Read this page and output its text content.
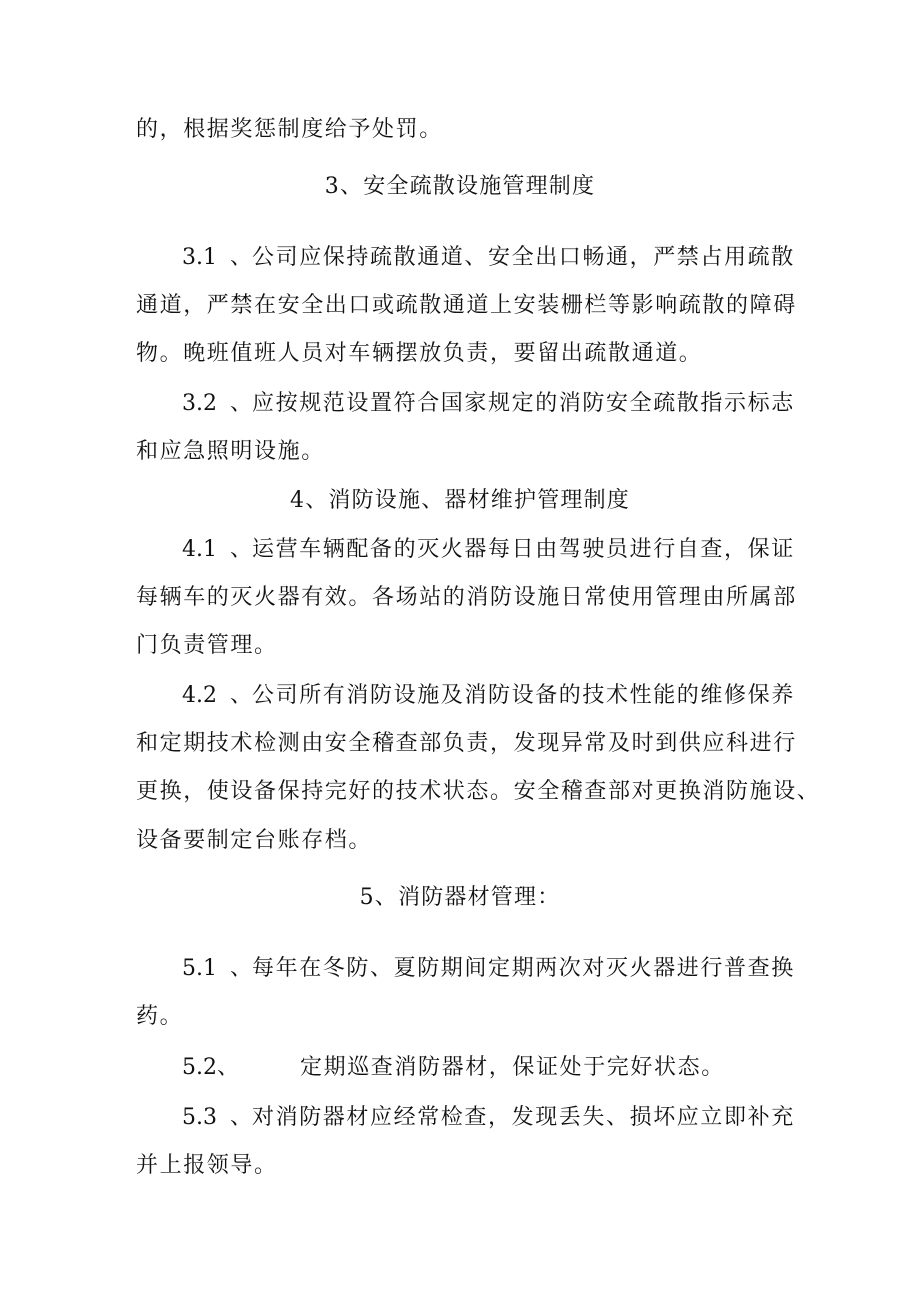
的，根据奖惩制度给予处罚。
3、安全疏散设施管理制度
3.1、公司应保持疏散通道、安全出口畅通，严禁占用疏散
通道，严禁在安全出口或疏散通道上安装栅栏等影响疏散的障碍
物。晚班值班人员对车辆摆放负责，要留出疏散通道。
3.2、应按规范设置符合国家规定的消防安全疏散指示标志
和应急照明设施。
4、消防设施、器材维护管理制度
4.1、运营车辆配备的灭火器每日由驾驶员进行自查，保证
每辆车的灭火器有效。各场站的消防设施日常使用管理由所属部
门负责管理。
4.2、公司所有消防设施及消防设备的技术性能的维修保养
和定期技术检测由安全稽查部负责，发现异常及时到供应科进行
更换，使设备保持完好的技术状态。安全稽查部对更换消防施设、
设备要制定台账存档。
5、消防器材管理：
5.1、每年在冬防、夏防期间定期两次对灭火器进行普查换
药。
5.2、	定期巡查消防器材，保证处于完好状态。
5.3、对消防器材应经常检查，发现丢失、损坏应立即补充
并上报领导。
